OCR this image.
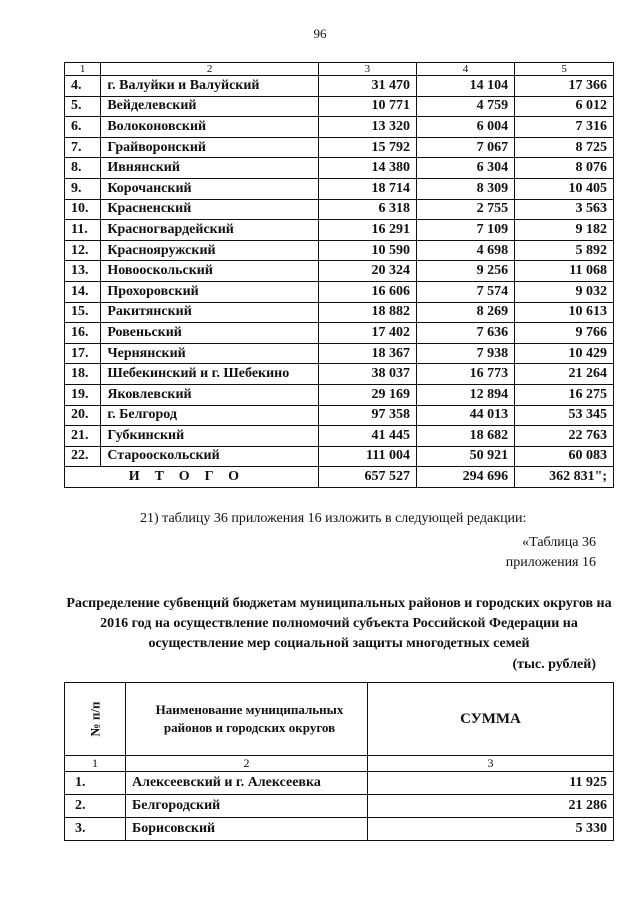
96
1	2	3	4	5
4.	г. Валуйки и Валуйский	31 470	14 104	17 366
5.	Вейделевский	10 771	4 759	6 012
6.	Волоконовский	13 320	6 004	7 316
7.	Грайворонский	15 792	7 067	8 725
8.	Ивнянский	14 380	6 304	8 076
9.	Корочанский	18 714	8 309	10 405
10.	Красненский	6 318	2 755	3 563
11.	Красногвардейский	16 291	7 109	9 182
12.	Краснояружский	10 590	4 698	5 892
13.	Новооскольский	20 324	9 256	11 068
14.	Прохоровский	16 606	7 574	9 032
15.	Ракитянский	18 882	8 269	10 613
16.	Ровеньский	17 402	7 636	9 766
17.	Чернянский	18 367	7 938	10 429
18.	Шебекинский и г. Шебекино	38 037	16 773	21 264
19.	Яковлевский	29 169	12 894	16 275
20.	г. Белгород	97 358	44 013	53 345
21.	Губкинский	41 445	18 682	22 763
22.	Старооскольский	111 004	50 921	60 083
ИТОГО		657 527	294 696	362 831";
21) таблицу 36 приложения 16 изложить в следующей редакции:
«Таблица 36
приложения 16
Распределение субвенций бюджетам муниципальных районов и городских округов на 2016 год на осуществление полномочий субъекта Российской Федерации на осуществление мер социальной защиты многодетных семей
(тыс. рублей)
№ п/п	Наименование муниципальных районов и городских округов	СУММА
1	2	3
1.	Алексеевский и г. Алексеевка	11 925
2.	Белгородский	21 286
3.	Борисовский	5 330
